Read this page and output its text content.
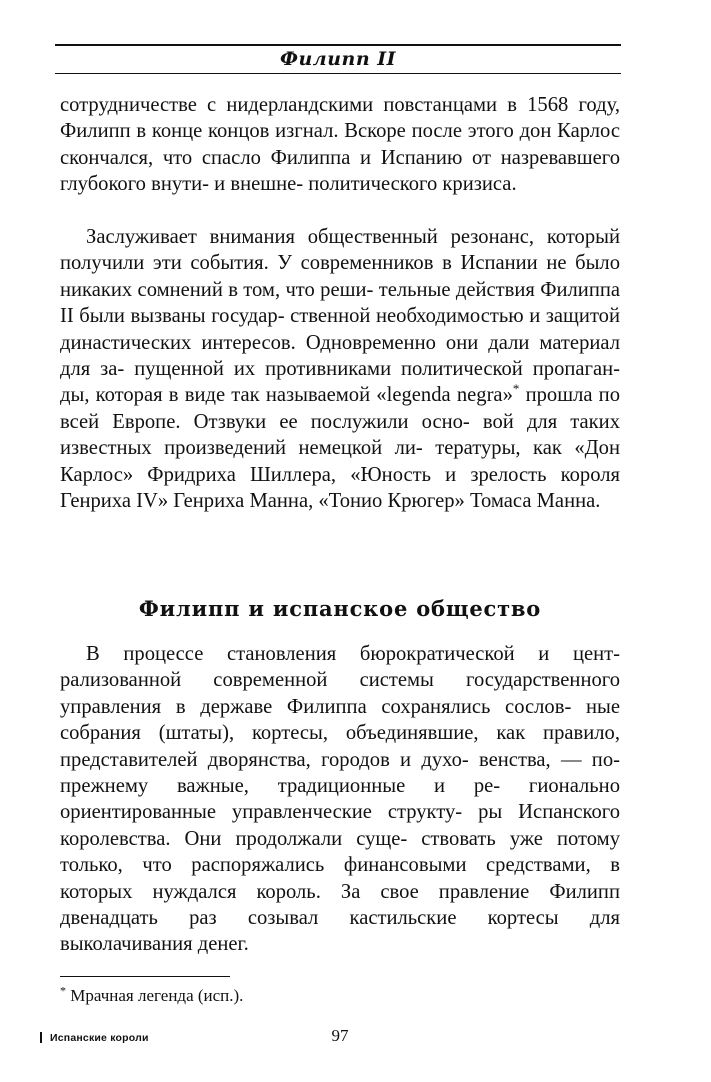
Филипп II

сотрудничестве с нидерландскими повстанцами в 1568 году, Филипп в конце концов изгнал. Вскоре после этого дон Карлос скончался, что спасло Филиппа и Испанию от назревавшего глубокого внути- и внешне- политического кризиса.

Заслуживает внимания общественный резонанс, который получили эти события. У современников в Испании не было никаких сомнений в том, что реши- тельные действия Филиппа II были вызваны государ- ственной необходимостью и защитой династических интересов. Одновременно они дали материал для за- пущенной их противниками политической пропаган- ды, которая в виде так называемой «legenda negra»* прошла по всей Европе. Отзвуки ее послужили осно- вой для таких известных произведений немецкой ли- тературы, как «Дон Карлос» Фридриха Шиллера, «Юность и зрелость короля Генриха IV» Генриха Манна, «Тонио Крюгер» Томаса Манна.

Филипп и испанское общество

В процессе становления бюрократической и цент- рализованной современной системы государственного управления в державе Филиппа сохранялись сослов- ные собрания (штаты), кортесы, объединявшие, как правило, представителей дворянства, городов и духо- венства, — по-прежнему важные, традиционные и ре- гионально ориентированные управленческие структу- ры Испанского королевства. Они продолжали суще- ствовать уже потому только, что распоряжались финансовыми средствами, в которых нуждался король. За свое правление Филипп двенадцать раз созывал кастильские кортесы для выколачивания денег.

* Мрачная легенда (исп.).
Испанские короли	97
